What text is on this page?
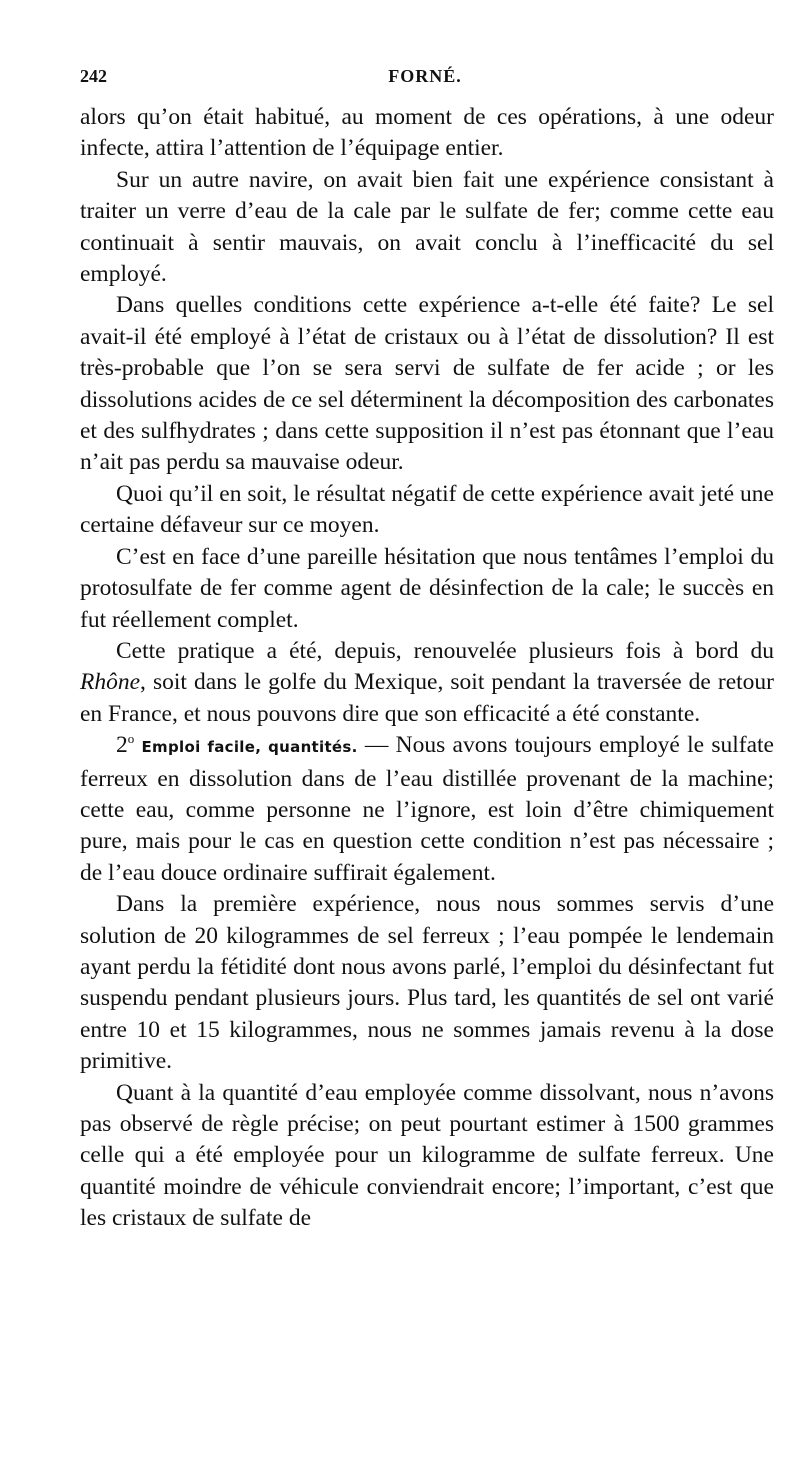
242	FORNÉ.

alors qu’on était habitué, au moment de ces opérations, à une odeur infecte, attira l’attention de l’équipage entier.

Sur un autre navire, on avait bien fait une expérience consistant à traiter un verre d’eau de la cale par le sulfate de fer; comme cette eau continuait à sentir mauvais, on avait conclu à l’inefficacité du sel employé.

Dans quelles conditions cette expérience a-t-elle été faite? Le sel avait-il été employé à l’état de cristaux ou à l’état de dissolution? Il est très-probable que l’on se sera servi de sulfate de fer acide ; or les dissolutions acides de ce sel déterminent la décomposition des carbonates et des sulfhydrates ; dans cette supposition il n’est pas étonnant que l’eau n’ait pas perdu sa mauvaise odeur.

Quoi qu’il en soit, le résultat négatif de cette expérience avait jeté une certaine défaveur sur ce moyen.

C’est en face d’une pareille hésitation que nous tentâmes l’emploi du protosulfate de fer comme agent de désinfection de la cale; le succès en fut réellement complet.

Cette pratique a été, depuis, renouvelée plusieurs fois à bord du Rhône, soit dans le golfe du Mexique, soit pendant la traversée de retour en France, et nous pouvons dire que son efficacité a été constante.

2$^o$ Emploi facile, quantités. — Nous avons toujours employé le sulfate ferreux en dissolution dans de l’eau distillée provenant de la machine; cette eau, comme personne ne l’ignore, est loin d’être chimiquement pure, mais pour le cas en question cette condition n’est pas nécessaire ; de l’eau douce ordinaire suffirait également.

Dans la première expérience, nous nous sommes servis d’une solution de 20 kilogrammes de sel ferreux ; l’eau pompée le lendemain ayant perdu la fétidité dont nous avons parlé, l’emploi du désinfectant fut suspendu pendant plusieurs jours. Plus tard, les quantités de sel ont varié entre 10 et 15 kilogrammes, nous ne sommes jamais revenu à la dose primitive.

Quant à la quantité d’eau employée comme dissolvant, nous n’avons pas observé de règle précise; on peut pourtant estimer à 1500 grammes celle qui a été employée pour un kilogramme de sulfate ferreux. Une quantité moindre de véhicule conviendrait encore; l’important, c’est que les cristaux de sulfate de
